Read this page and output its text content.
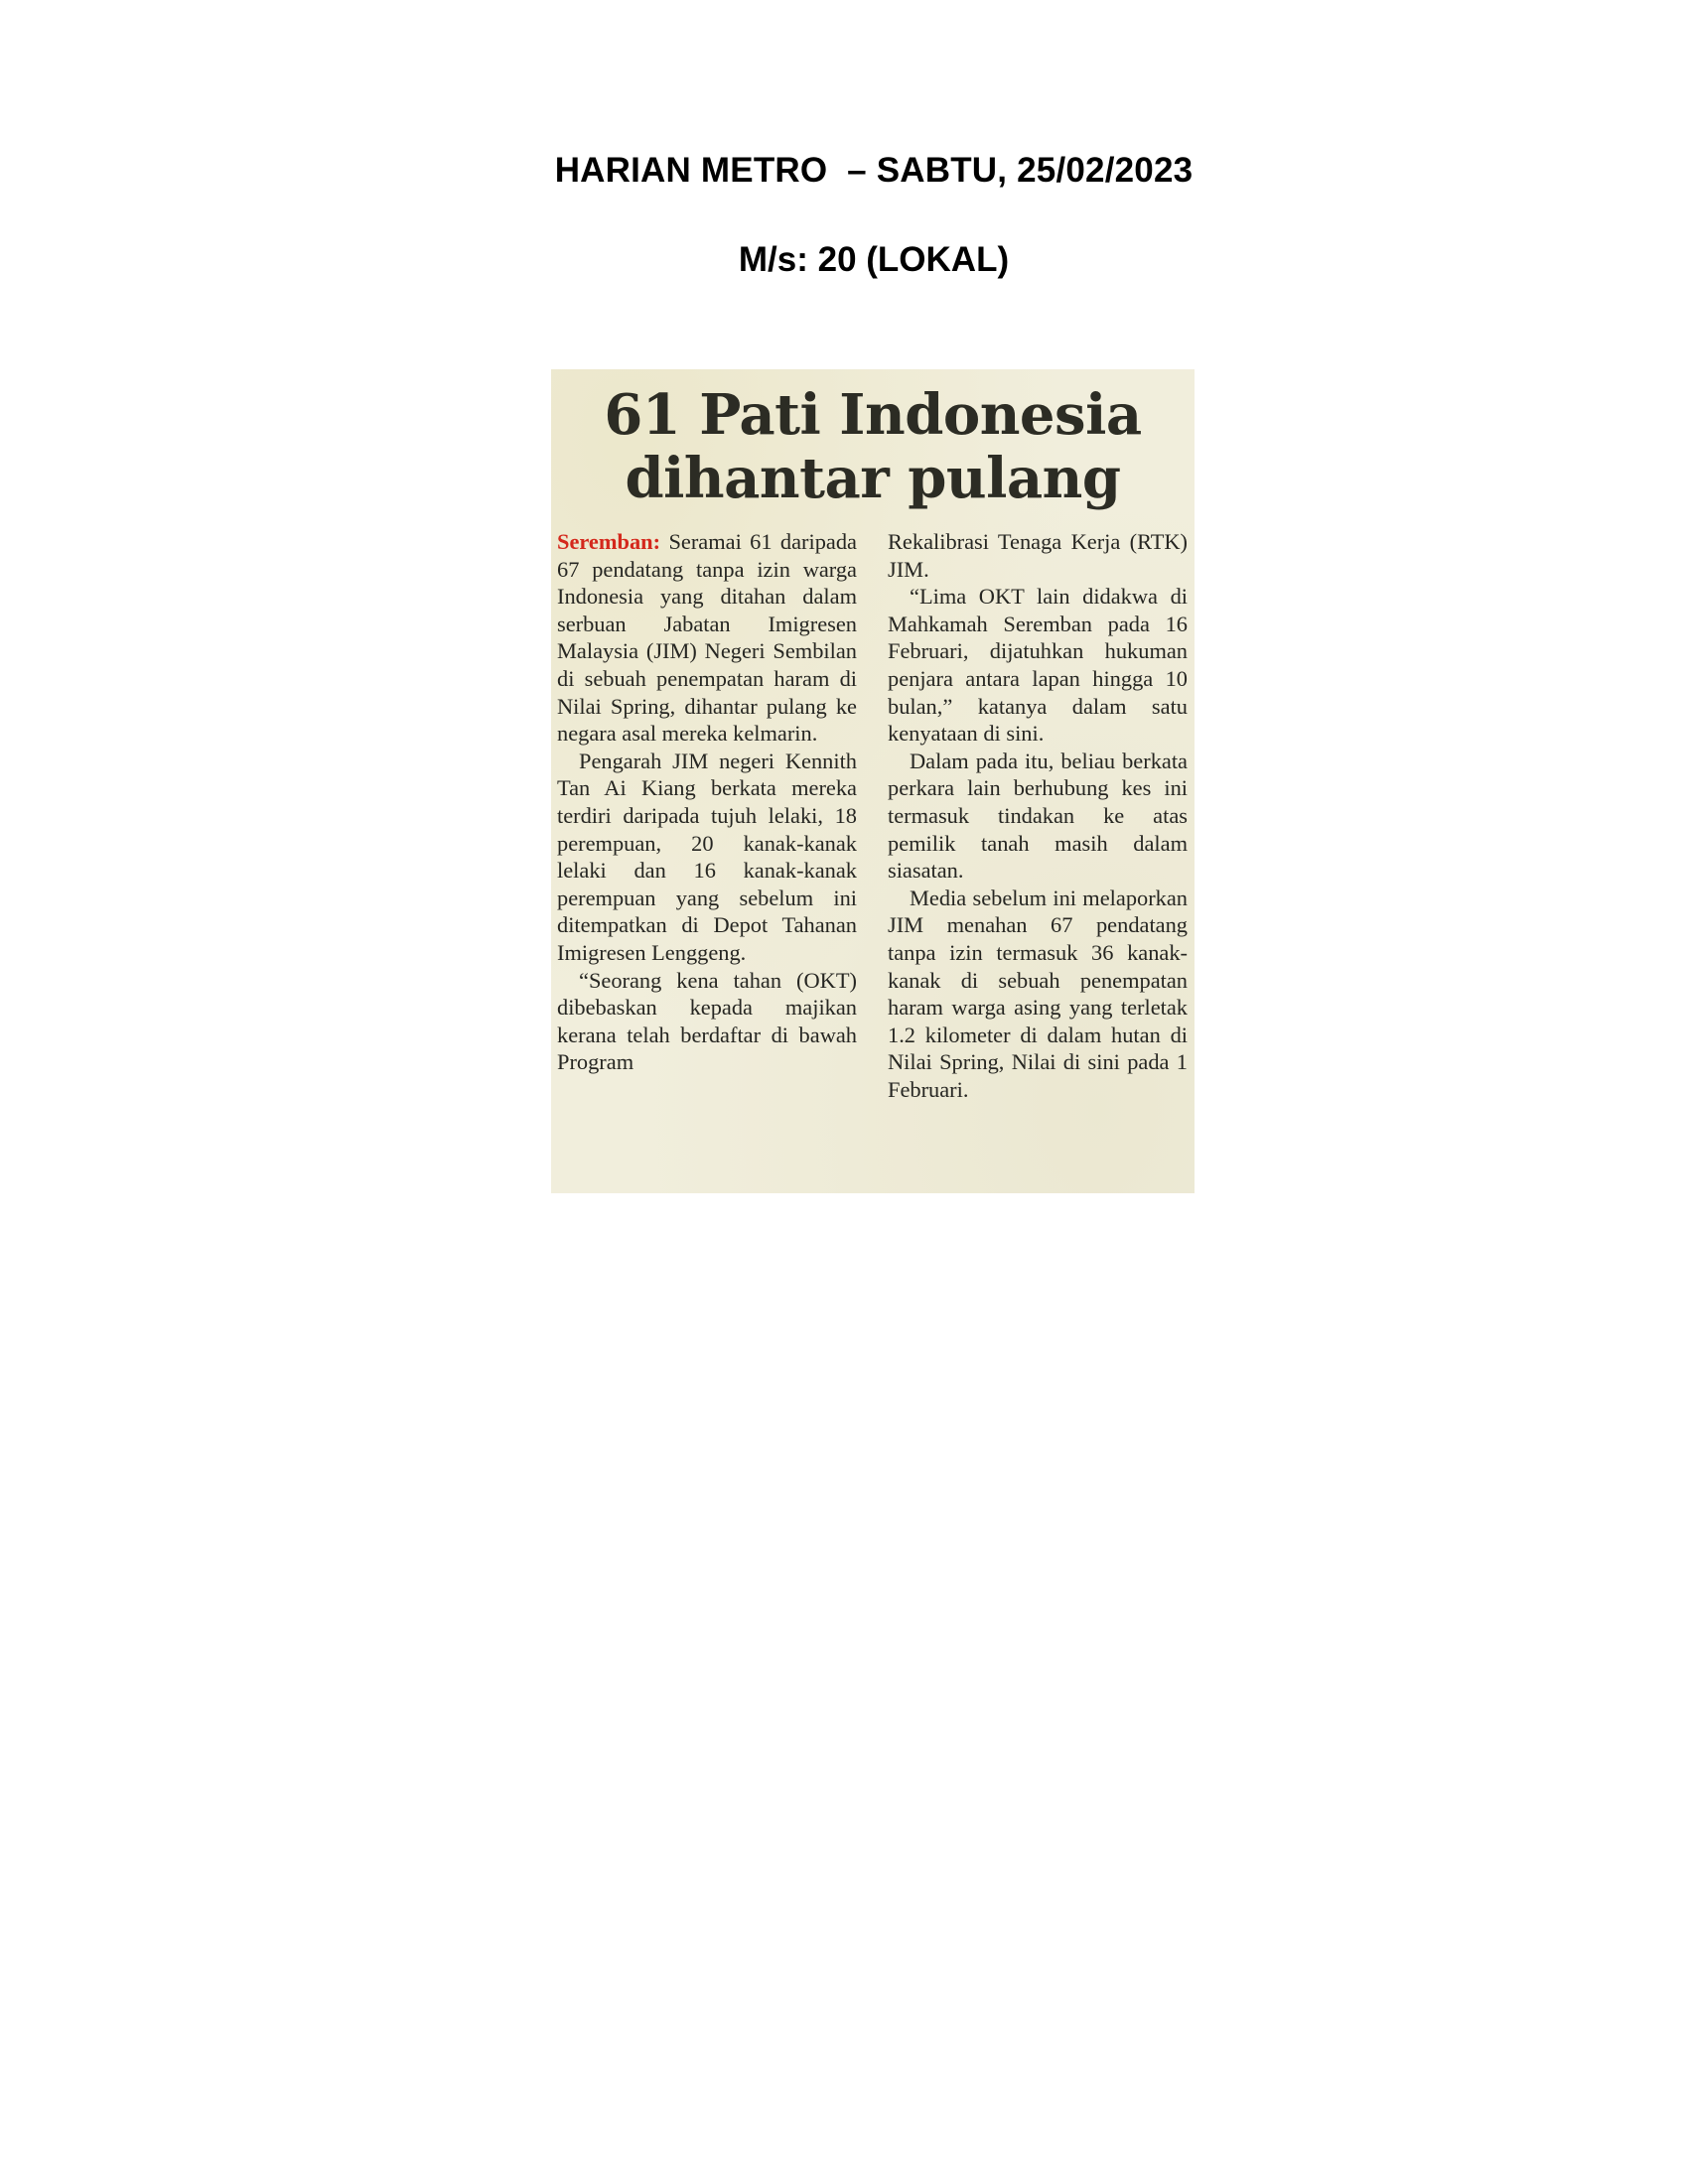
HARIAN METRO  – SABTU, 25/02/2023
M/s: 20 (LOKAL)
61 Pati Indonesia
dihantar pulang

Seremban: Seramai 61 daripada 67 pendatang tanpa izin warga Indonesia yang ditahan dalam serbuan Jabatan Imigresen Malaysia (JIM) Negeri Sembilan di sebuah penempatan haram di Nilai Spring, dihantar pulang ke negara asal mereka kelmarin.

Pengarah JIM negeri Kennith Tan Ai Kiang berkata mereka terdiri daripada tujuh lelaki, 18 perempuan, 20 kanak-kanak lelaki dan 16 kanak-kanak perempuan yang sebelum ini ditempatkan di Depot Tahanan Imigresen Lenggeng.

“Seorang kena tahan (OKT) dibebaskan kepada majikan kerana telah berdaftar di bawah Program

Rekalibrasi Tenaga Kerja (RTK) JIM.

“Lima OKT lain didakwa di Mahkamah Seremban pada 16 Februari, dijatuhkan hukuman penjara antara lapan hingga 10 bulan,” katanya dalam satu kenyataan di sini.

Dalam pada itu, beliau berkata perkara lain berhubung kes ini termasuk tindakan ke atas pemilik tanah masih dalam siasatan.

Media sebelum ini melaporkan JIM menahan 67 pendatang tanpa izin termasuk 36 kanak-kanak di sebuah penempatan haram warga asing yang terletak 1.2 kilometer di dalam hutan di Nilai Spring, Nilai di sini pada 1 Februari.
